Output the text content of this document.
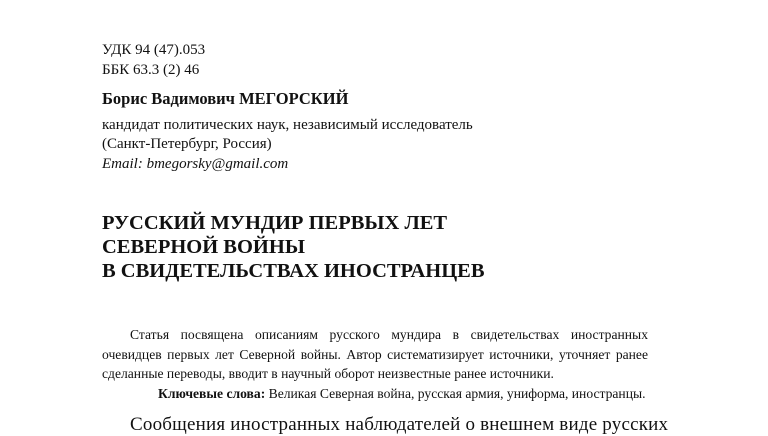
УДК 94 (47).053
ББК 63.3 (2) 46
Борис Вадимович МЕГОРСКИЙ
кандидат политических наук, независимый исследователь
(Санкт-Петербург, Россия)
Email: bmegorsky@gmail.com
РУССКИЙ МУНДИР ПЕРВЫХ ЛЕТ
СЕВЕРНОЙ ВОЙНЫ
В СВИДЕТЕЛЬСТВАХ ИНОСТРАНЦЕВ

Статья посвящена описаниям русского мундира в свидетельствах иностранных очевидцев первых лет Северной войны. Автор систематизирует источники, уточняет ранее сделанные переводы, вводит в научный оборот неизвестные ранее источники.

Ключевые слова: Великая Северная война, русская армия, униформа, иностранцы.

Сообщения иностранных наблюдателей о внешнем виде русских
